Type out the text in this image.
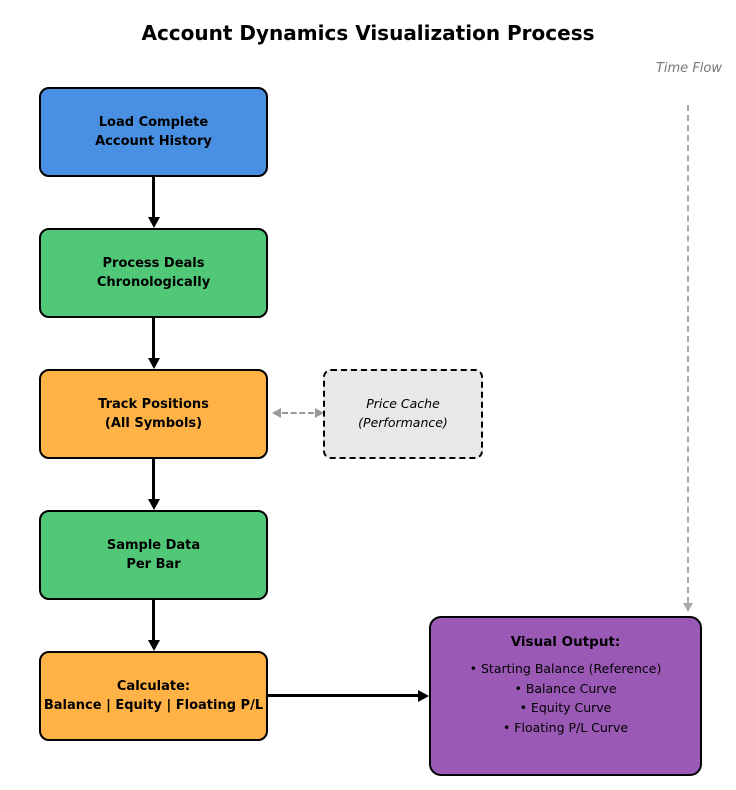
Account Dynamics Visualization Process
Time Flow
Load Complete
Account History
Process Deals
Chronologically
Track Positions
(All Symbols)
Price Cache
(Performance)
Sample Data
Per Bar
Calculate:
Balance | Equity | Floating P/L
Visual Output:
• Starting Balance (Reference)
• Balance Curve
• Equity Curve
• Floating P/L Curve
